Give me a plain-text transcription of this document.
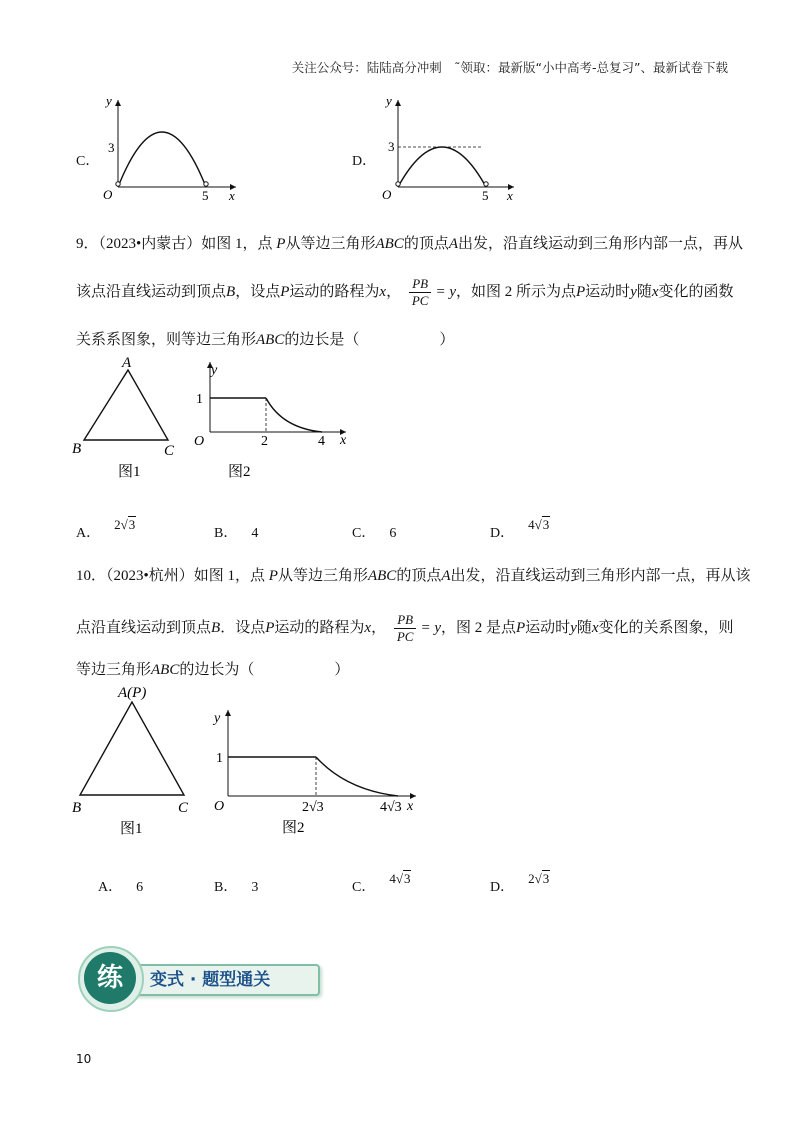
关注公众号：陆陆高分冲刺　˜领取：最新版“小中高考-总复习”、最新试卷下载
C．
y
x
O
3
5
D．
y
x
O
3
5
9．（2023•内蒙古）如图 1，点 P从等边三角形ABC的顶点A出发，沿直线运动到三角形内部一点，再从
该点沿直线运动到顶点B，设点P运动的路程为x， $\frac{PB}{PC} = y$，如图 2 所示为点P运动时y随x变化的函数
关系系图象，则等边三角形ABC的边长是（	）
A
B	C
图1
y
x
O
1
2	4
图2
A．2√3
B． 4	C． 6	D．4√3
10．（2023•杭州）如图 1，点 P从等边三角形ABC的顶点A出发，沿直线运动到三角形内部一点，再从该
点沿直线运动到顶点B．设点P运动的路程为x， $\frac{PB}{PC} = y$，图 2 是点P运动时y随x变化的关系图象，则
等边三角形ABC的边长为（	）
A(P)
B	C
图1
y
x
O
1
2√3	4√3
图2
A． 6	B． 3	C．4√3
D．2√3
练	变式 · 题型通关
10
